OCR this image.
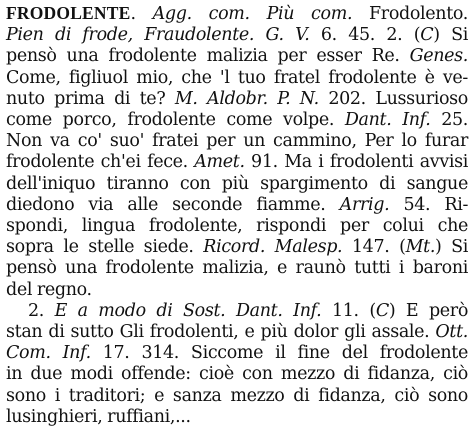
FRODOLENTE. Agg. com. Più com. Frodolento.
Pien di frode, Fraudolente. G. V. 6. 45. 2. (C) Si
pensò una frodolente malizia per esser Re. Genes.
Come, figliuol mio, che 'l tuo fratel frodolente è ve-
nuto prima di te? M. Aldobr. P. N. 202. Lussurioso
come porco, frodolente come volpe. Dant. Inf. 25.
Non va co' suo' fratei per un cammino, Per lo furar
frodolente ch'ei fece. Amet. 91. Ma i frodolenti avvisi
dell'iniquo tiranno con più spargimento di sangue
diedono via alle seconde fiamme. Arrig. 54. Ri-
spondi, lingua frodolente, rispondi per colui che
sopra le stelle siede. Ricord. Malesp. 147. (Mt.) Si
pensò una frodolente malizia, e raunò tutti i baroni
del regno.
2. E a modo di Sost. Dant. Inf. 11. (C) E però
stan di sutto Gli frodolenti, e più dolor gli assale. Ott.
Com. Inf. 17. 314. Siccome il fine del frodolente
in due modi offende: cioè con mezzo di fidanza, ciò
sono i traditori; e sanza mezzo di fidanza, ciò sono
lusinghieri, ruffiani,...
